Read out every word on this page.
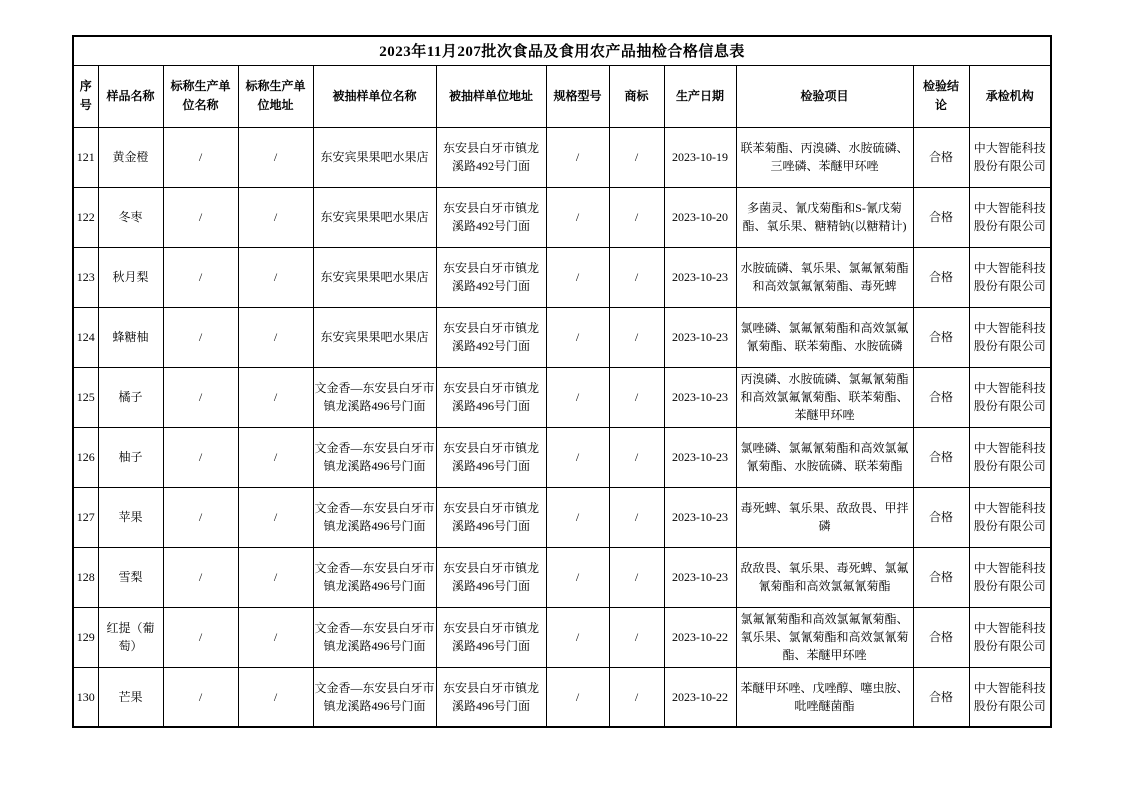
2023年11月207批次食品及食用农产品抽检合格信息表											
序号	样品名称	标称生产单位名称	标称生产单位地址	被抽样单位名称	被抽样单位地址	规格型号	商标	生产日期	检验项目	检验结论	承检机构
121	黄金橙	/	/	东安宾果果吧水果店	东安县白牙市镇龙溪路492号门面	/	/	2023-10-19	联苯菊酯、丙溴磷、水胺硫磷、三唑磷、苯醚甲环唑	合格	中大智能科技股份有限公司
122	冬枣	/	/	东安宾果果吧水果店	东安县白牙市镇龙溪路492号门面	/	/	2023-10-20	多菌灵、氰戊菊酯和S-氰戊菊酯、氧乐果、糖精钠(以糖精计)	合格	中大智能科技股份有限公司
123	秋月梨	/	/	东安宾果果吧水果店	东安县白牙市镇龙溪路492号门面	/	/	2023-10-23	水胺硫磷、氧乐果、氯氟氰菊酯和高效氯氟氰菊酯、毒死蜱	合格	中大智能科技股份有限公司
124	蜂糖柚	/	/	东安宾果果吧水果店	东安县白牙市镇龙溪路492号门面	/	/	2023-10-23	氯唑磷、氯氟氰菊酯和高效氯氟氰菊酯、联苯菊酯、水胺硫磷	合格	中大智能科技股份有限公司
125	橘子	/	/	文金香—东安县白牙市镇龙溪路496号门面	东安县白牙市镇龙溪路496号门面	/	/	2023-10-23	丙溴磷、水胺硫磷、氯氟氰菊酯和高效氯氟氰菊酯、联苯菊酯、苯醚甲环唑	合格	中大智能科技股份有限公司
126	柚子	/	/	文金香—东安县白牙市镇龙溪路496号门面	东安县白牙市镇龙溪路496号门面	/	/	2023-10-23	氯唑磷、氯氟氰菊酯和高效氯氟氰菊酯、水胺硫磷、联苯菊酯	合格	中大智能科技股份有限公司
127	苹果	/	/	文金香—东安县白牙市镇龙溪路496号门面	东安县白牙市镇龙溪路496号门面	/	/	2023-10-23	毒死蜱、氧乐果、敌敌畏、甲拌磷	合格	中大智能科技股份有限公司
128	雪梨	/	/	文金香—东安县白牙市镇龙溪路496号门面	东安县白牙市镇龙溪路496号门面	/	/	2023-10-23	敌敌畏、氧乐果、毒死蜱、氯氟氰菊酯和高效氯氟氰菊酯	合格	中大智能科技股份有限公司
129	红提（葡萄）	/	/	文金香—东安县白牙市镇龙溪路496号门面	东安县白牙市镇龙溪路496号门面	/	/	2023-10-22	氯氟氰菊酯和高效氯氟氰菊酯、氧乐果、氯氰菊酯和高效氯氰菊酯、苯醚甲环唑	合格	中大智能科技股份有限公司
130	芒果	/	/	文金香—东安县白牙市镇龙溪路496号门面	东安县白牙市镇龙溪路496号门面	/	/	2023-10-22	苯醚甲环唑、戊唑醇、噻虫胺、吡唑醚菌酯	合格	中大智能科技股份有限公司
